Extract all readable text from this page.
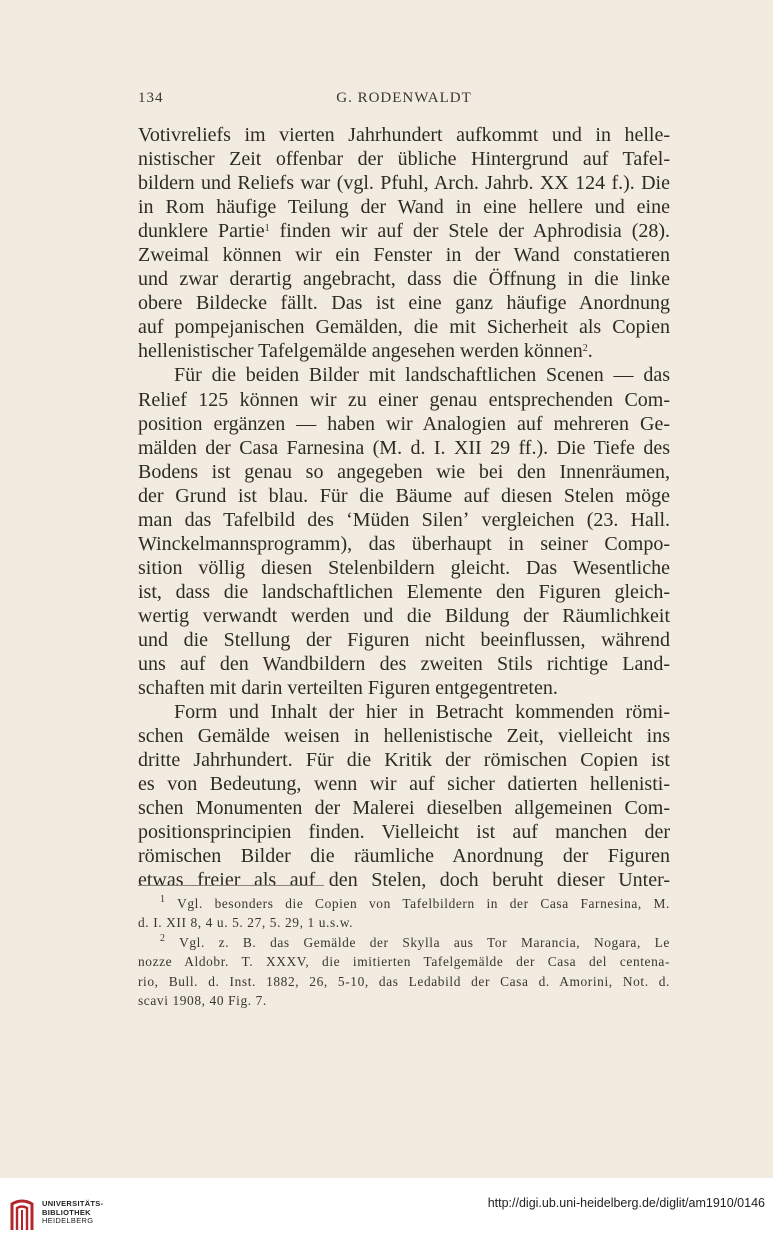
134	G. RODENWALDT
Votivreliefs im vierten Jahrhundert aufkommt und in helle-
nistischer Zeit offenbar der übliche Hintergrund auf Tafel-
bildern und Reliefs war (vgl. Pfuhl, Arch. Jahrb. XX 124 f.). Die
in Rom häufige Teilung der Wand in eine hellere und eine
dunklere Partie$^1$ finden wir auf der Stele der Aphrodisia (28).
Zweimal können wir ein Fenster in der Wand constatieren
und zwar derartig angebracht, dass die Öffnung in die linke
obere Bildecke fällt. Das ist eine ganz häufige Anordnung
auf pompejanischen Gemälden, die mit Sicherheit als Copien
hellenistischer Tafelgemälde angesehen werden können$^2$.
Für die beiden Bilder mit landschaftlichen Scenen — das
Relief 125 können wir zu einer genau entsprechenden Com-
position ergänzen — haben wir Analogien auf mehreren Ge-
mälden der Casa Farnesina (M. d. I. XII 29 ff.). Die Tiefe des
Bodens ist genau so angegeben wie bei den Innenräumen,
der Grund ist blau. Für die Bäume auf diesen Stelen möge
man das Tafelbild des ʻMüden Silenʼ vergleichen (23. Hall.
Winckelmannsprogramm), das überhaupt in seiner Compo-
sition völlig diesen Stelenbildern gleicht. Das Wesentliche
ist, dass die landschaftlichen Elemente den Figuren gleich-
wertig verwandt werden und die Bildung der Räumlichkeit
und die Stellung der Figuren nicht beeinflussen, während
uns auf den Wandbildern des zweiten Stils richtige Land-
schaften mit darin verteilten Figuren entgegentreten.
Form und Inhalt der hier in Betracht kommenden römi-
schen Gemälde weisen in hellenistische Zeit, vielleicht ins
dritte Jahrhundert. Für die Kritik der römischen Copien ist
es von Bedeutung, wenn wir auf sicher datierten hellenisti-
schen Monumenten der Malerei dieselben allgemeinen Com-
positionsprincipien finden. Vielleicht ist auf manchen der
römischen Bilder die räumliche Anordnung der Figuren
etwas freier als auf den Stelen, doch beruht dieser Unter-
$^1$ Vgl. besonders die Copien von Tafelbildern in der Casa Farnesina, M.
d. I. XII 8, 4 u. 5. 27, 5. 29, 1 u.s.w.
$^2$ Vgl. z. B. das Gemälde der Skylla aus Tor Marancia, Nogara, Le
nozze Aldobr. T. XXXV, die imitierten Tafelgemälde der Casa del centena-
rio, Bull. d. Inst. 1882, 26, 5-10, das Ledabild der Casa d. Amorini, Not. d.
scavi 1908, 40 Fig. 7.
UNIVERSITÄTS-
BIBLIOTHEK
HEIDELBERG
http://digi.ub.uni-heidelberg.de/diglit/am1910/0146
